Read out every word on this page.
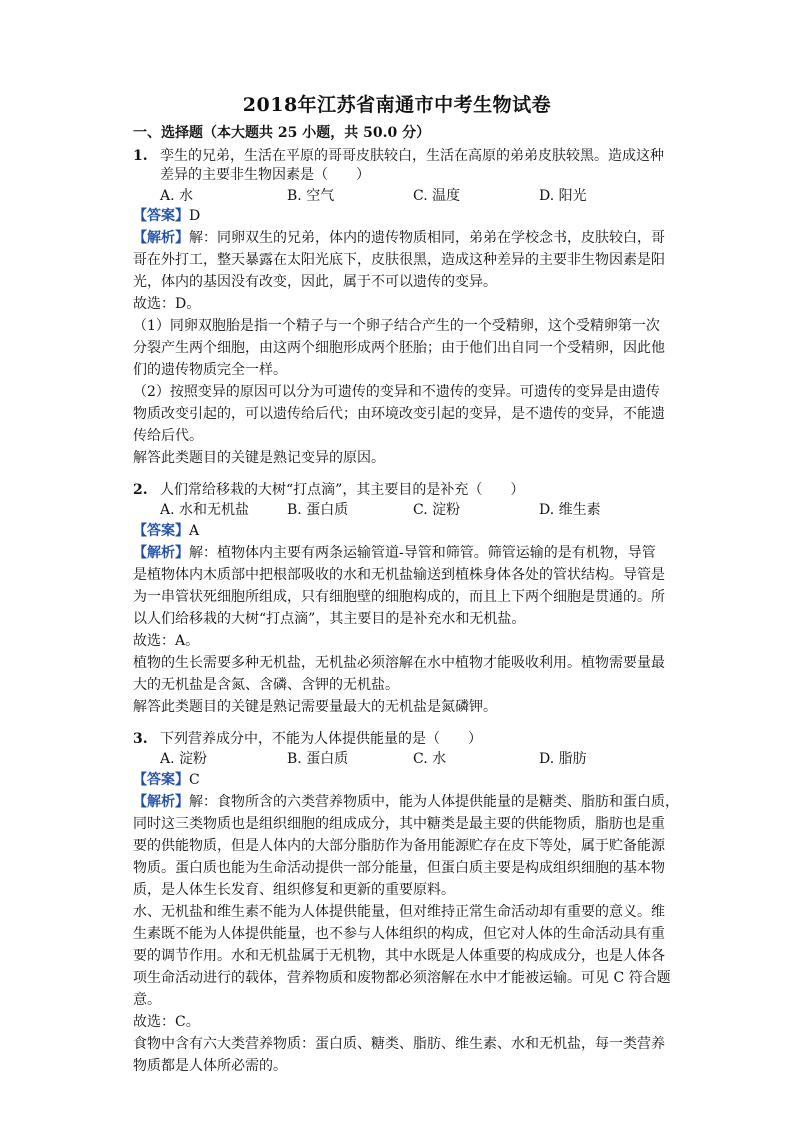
2018年江苏省南通市中考生物试卷
一、选择题（本大题共 25 小题，共 50.0 分）
1. 孪生的兄弟，生活在平原的哥哥皮肤较白，生活在高原的弟弟皮肤较黑。造成这种
差异的主要非生物因素是（　　）
A. 水	B. 空气	C. 温度	D. 阳光
【答案】D
【解析】解：同卵双生的兄弟，体内的遗传物质相同，弟弟在学校念书，皮肤较白，哥
哥在外打工，整天暴露在太阳光底下，皮肤很黑，造成这种差异的主要非生物因素是阳
光，体内的基因没有改变，因此，属于不可以遗传的变异。
故选：D。
（1）同卵双胞胎是指一个精子与一个卵子结合产生的一个受精卵，这个受精卵第一次
分裂产生两个细胞，由这两个细胞形成两个胚胎；由于他们出自同一个受精卵，因此他
们的遗传物质完全一样。
（2）按照变异的原因可以分为可遗传的变异和不遗传的变异。可遗传的变异是由遗传
物质改变引起的，可以遗传给后代；由环境改变引起的变异，是不遗传的变异，不能遗
传给后代。
解答此类题目的关键是熟记变异的原因。
2. 人们常给移栽的大树“打点滴”，其主要目的是补充（　　）
A. 水和无机盐	B. 蛋白质	C. 淀粉	D. 维生素
【答案】A
【解析】解：植物体内主要有两条运输管道-导管和筛管。筛管运输的是有机物，导管
是植物体内木质部中把根部吸收的水和无机盐输送到植株身体各处的管状结构。导管是
为一串管状死细胞所组成，只有细胞壁的细胞构成的，而且上下两个细胞是贯通的。所
以人们给移栽的大树“打点滴”，其主要目的是补充水和无机盐。
故选：A。
植物的生长需要多种无机盐，无机盐必须溶解在水中植物才能吸收利用。植物需要量最
大的无机盐是含氮、含磷、含钾的无机盐。
解答此类题目的关键是熟记需要量最大的无机盐是氮磷钾。
3. 下列营养成分中，不能为人体提供能量的是（　　）
A. 淀粉	B. 蛋白质	C. 水	D. 脂肪
【答案】C
【解析】解：食物所含的六类营养物质中，能为人体提供能量的是糖类、脂肪和蛋白质，
同时这三类物质也是组织细胞的组成成分，其中糖类是最主要的供能物质，脂肪也是重
要的供能物质，但是人体内的大部分脂肪作为备用能源贮存在皮下等处，属于贮备能源
物质。蛋白质也能为生命活动提供一部分能量，但蛋白质主要是构成组织细胞的基本物
质，是人体生长发育、组织修复和更新的重要原料。
水、无机盐和维生素不能为人体提供能量，但对维持正常生命活动却有重要的意义。维
生素既不能为人体提供能量，也不参与人体组织的构成，但它对人体的生命活动具有重
要的调节作用。水和无机盐属于无机物，其中水既是人体重要的构成成分，也是人体各
项生命活动进行的载体，营养物质和废物都必须溶解在水中才能被运输。可见 C 符合题
意。
故选：C。
食物中含有六大类营养物质：蛋白质、糖类、脂肪、维生素、水和无机盐，每一类营养
物质都是人体所必需的。
